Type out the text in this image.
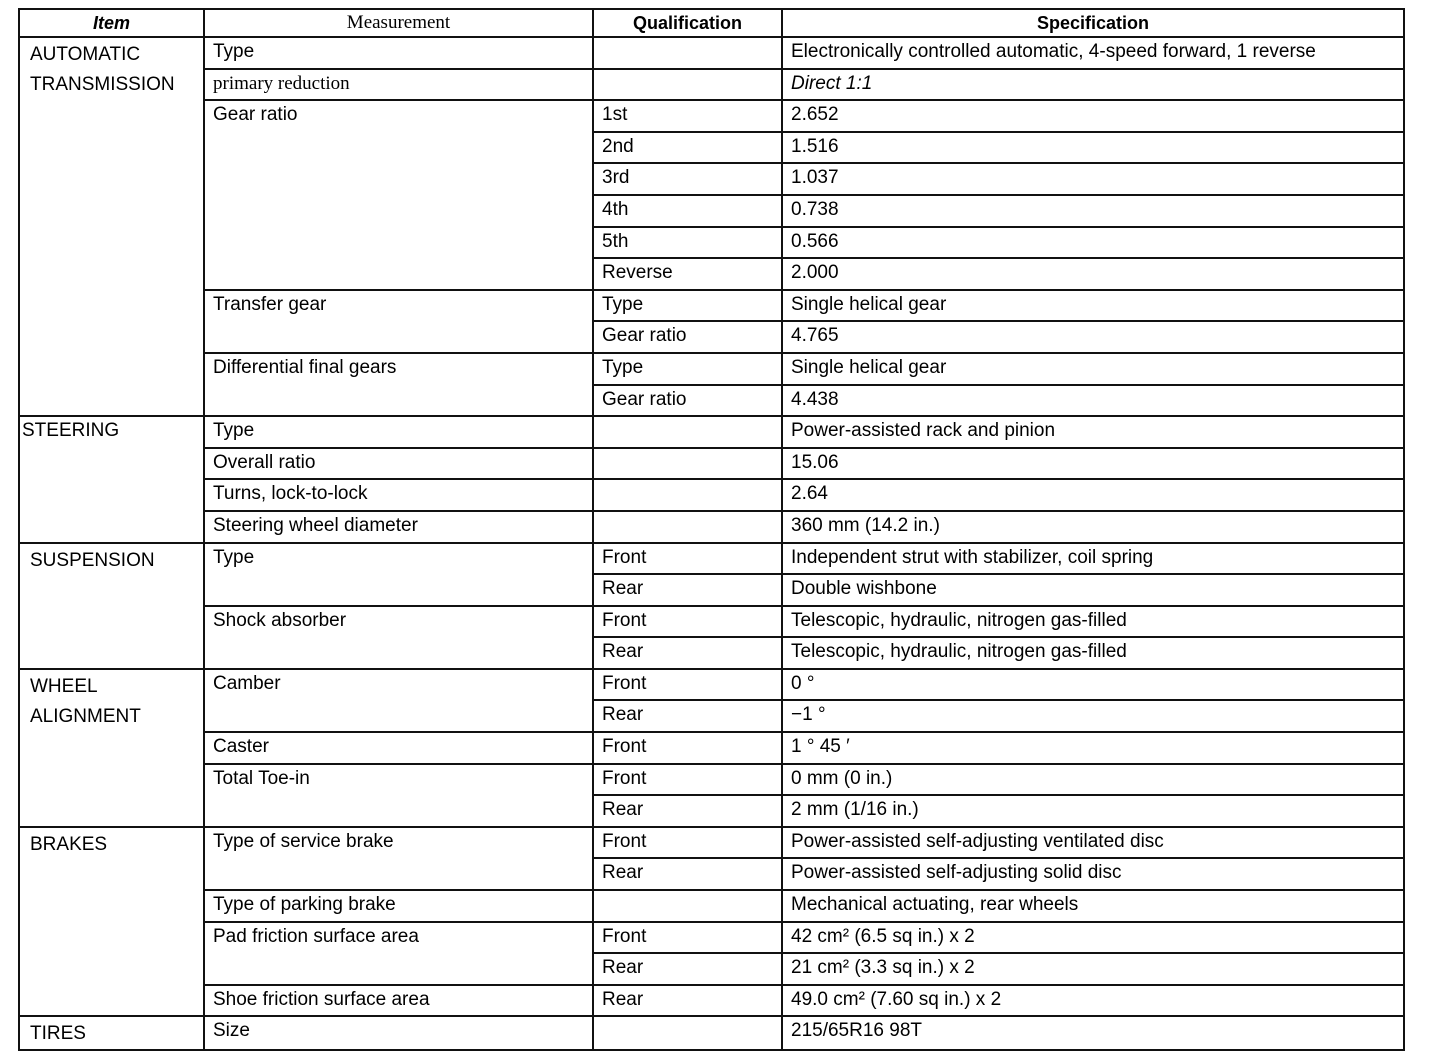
Item	Measurement	Qualification	Specification
AUTOMATIC TRANSMISSION	Type		Electronically controlled automatic, 4-speed forward, 1 reverse
	primary reduction		Direct 1:1
	Gear ratio	1st	2.652
		2nd	1.516
		3rd	1.037
		4th	0.738
		5th	0.566
		Reverse	2.000
	Transfer gear	Type	Single helical gear
		Gear ratio	4.765
	Differential final gears	Type	Single helical gear
		Gear ratio	4.438
STEERING	Type		Power-assisted rack and pinion
	Overall ratio		15.06
	Turns, lock-to-lock		2.64
	Steering wheel diameter		360 mm (14.2 in.)
SUSPENSION	Type	Front	Independent strut with stabilizer, coil spring
		Rear	Double wishbone
	Shock absorber	Front	Telescopic, hydraulic, nitrogen gas-filled
		Rear	Telescopic, hydraulic, nitrogen gas-filled
WHEEL ALIGNMENT	Camber	Front	0 °
		Rear	−1 °
	Caster	Front	1 ° 45 ′
	Total Toe-in	Front	0 mm (0 in.)
		Rear	2 mm (1/16 in.)
BRAKES	Type of service brake	Front	Power-assisted self-adjusting ventilated disc
		Rear	Power-assisted self-adjusting solid disc
	Type of parking brake		Mechanical actuating, rear wheels
	Pad friction surface area	Front	42 cm² (6.5 sq in.) x 2
		Rear	21 cm² (3.3 sq in.) x 2
	Shoe friction surface area	Rear	49.0 cm² (7.60 sq in.) x 2
TIRES	Size		215/65R16 98T
